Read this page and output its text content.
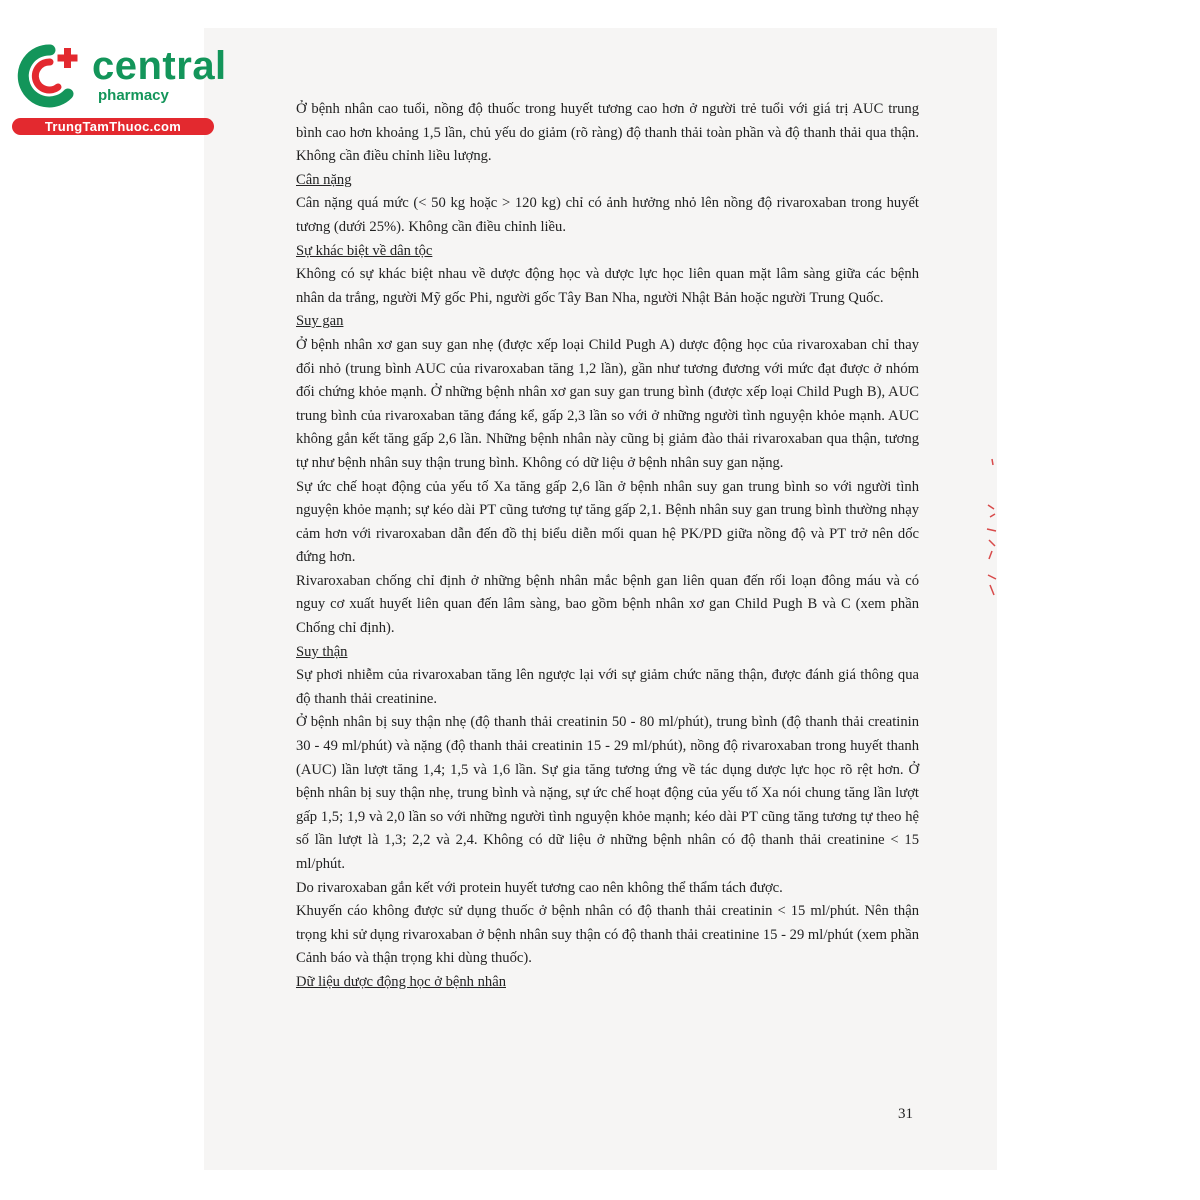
central
pharmacy
TrungTamThuoc.com

Ở bệnh nhân cao tuổi, nồng độ thuốc trong huyết tương cao hơn ở người trẻ tuổi với giá trị AUC trung bình cao hơn khoảng 1,5 lần, chủ yếu do giảm (rõ ràng) độ thanh thải toàn phần và độ thanh thải qua thận. Không cần điều chỉnh liều lượng.

Cân nặng

Cân nặng quá mức (< 50 kg hoặc > 120 kg) chỉ có ảnh hưởng nhỏ lên nồng độ rivaroxaban trong huyết tương (dưới 25%). Không cần điều chỉnh liều.

Sự khác biệt về dân tộc

Không có sự khác biệt nhau về dược động học và dược lực học liên quan mặt lâm sàng giữa các bệnh nhân da trắng, người Mỹ gốc Phi, người gốc Tây Ban Nha, người Nhật Bản hoặc người Trung Quốc.

Suy gan

Ở bệnh nhân xơ gan suy gan nhẹ (được xếp loại Child Pugh A) dược động học của rivaroxaban chỉ thay đổi nhỏ (trung bình AUC của rivaroxaban tăng 1,2 lần), gần như tương đương với mức đạt được ở nhóm đối chứng khỏe mạnh. Ở những bệnh nhân xơ gan suy gan trung bình (được xếp loại Child Pugh B), AUC trung bình của rivaroxaban tăng đáng kể, gấp 2,3 lần so với ở những người tình nguyện khỏe mạnh. AUC không gắn kết tăng gấp 2,6 lần. Những bệnh nhân này cũng bị giảm đào thải rivaroxaban qua thận, tương tự như bệnh nhân suy thận trung bình. Không có dữ liệu ở bệnh nhân suy gan nặng.

Sự ức chế hoạt động của yếu tố Xa tăng gấp 2,6 lần ở bệnh nhân suy gan trung bình so với người tình nguyện khỏe mạnh; sự kéo dài PT cũng tương tự tăng gấp 2,1. Bệnh nhân suy gan trung bình thường nhạy cảm hơn với rivaroxaban dẫn đến đồ thị biểu diễn mối quan hệ PK/PD giữa nồng độ và PT trở nên dốc đứng hơn.

Rivaroxaban chống chỉ định ở những bệnh nhân mắc bệnh gan liên quan đến rối loạn đông máu và có nguy cơ xuất huyết liên quan đến lâm sàng, bao gồm bệnh nhân xơ gan Child Pugh B và C (xem phần Chống chỉ định).

Suy thận

Sự phơi nhiễm của rivaroxaban tăng lên ngược lại với sự giảm chức năng thận, được đánh giá thông qua độ thanh thải creatinine.

Ở bệnh nhân bị suy thận nhẹ (độ thanh thải creatinin 50 - 80 ml/phút), trung bình (độ thanh thải creatinin 30 - 49 ml/phút) và nặng (độ thanh thải creatinin 15 - 29 ml/phút), nồng độ rivaroxaban trong huyết thanh (AUC) lần lượt tăng 1,4; 1,5 và 1,6 lần. Sự gia tăng tương ứng về tác dụng dược lực học rõ rệt hơn. Ở bệnh nhân bị suy thận nhẹ, trung bình và nặng, sự ức chế hoạt động của yếu tố Xa nói chung tăng lần lượt gấp 1,5; 1,9 và 2,0 lần so với những người tình nguyện khỏe mạnh; kéo dài PT cũng tăng tương tự theo hệ số lần lượt là 1,3; 2,2 và 2,4. Không có dữ liệu ở những bệnh nhân có độ thanh thải creatinine < 15 ml/phút.

Do rivaroxaban gắn kết với protein huyết tương cao nên không thể thẩm tách được.

Khuyến cáo không được sử dụng thuốc ở bệnh nhân có độ thanh thải creatinin < 15 ml/phút. Nên thận trọng khi sử dụng rivaroxaban ở bệnh nhân suy thận có độ thanh thải creatinine 15 - 29 ml/phút (xem phần Cảnh báo và thận trọng khi dùng thuốc).

Dữ liệu dược động học ở bệnh nhân

31
